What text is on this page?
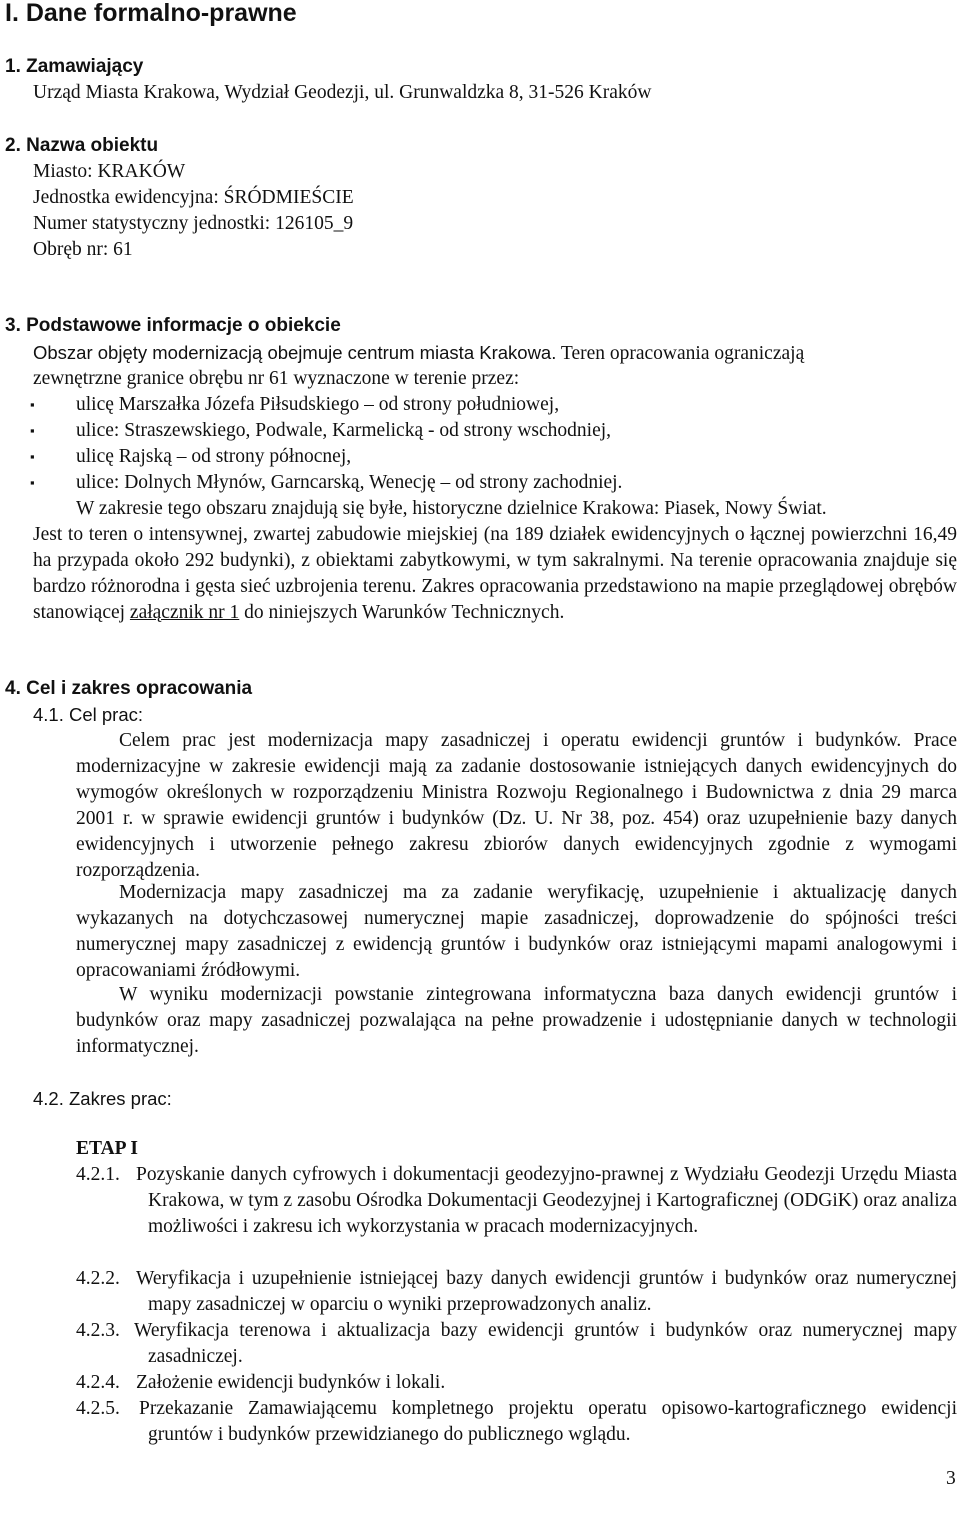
I. Dane formalno-prawne
1. Zamawiający
Urząd Miasta Krakowa, Wydział Geodezji, ul. Grunwaldzka 8, 31-526 Kraków
2. Nazwa obiektu
Miasto: KRAKÓW
Jednostka ewidencyjna: ŚRÓDMIEŚCIE
Numer statystyczny jednostki: 126105_9
Obręb nr: 61
3. Podstawowe informacje o obiekcie
Obszar objęty modernizacją obejmuje centrum miasta Krakowa. Teren opracowania ograniczają
zewnętrzne granice obrębu nr 61 wyznaczone w terenie przez:
▪ ulicę Marszałka Józefa Piłsudskiego – od strony południowej,
▪ ulice: Straszewskiego, Podwale, Karmelicką - od strony wschodniej,
▪ ulicę Rajską – od strony północnej,
▪ ulice: Dolnych Młynów, Garncarską, Wenecję – od strony zachodniej.
W zakresie tego obszaru znajdują się byłe, historyczne dzielnice Krakowa: Piasek, Nowy Świat.

Jest to teren o intensywnej, zwartej zabudowie miejskiej (na 189 działek ewidencyjnych o łącznej powierzchni 16,49 ha przypada około 292 budynki), z obiektami zabytkowymi, w tym sakralnymi. Na terenie opracowania znajduje się bardzo różnorodna i gęsta sieć uzbrojenia terenu. Zakres opracowania przedstawiono na mapie przeglądowej obrębów stanowiącej załącznik nr 1 do niniejszych Warunków Technicznych.

4. Cel i zakres opracowania
4.1. Cel prac:

Celem prac jest modernizacja mapy zasadniczej i operatu ewidencji gruntów i budynków. Prace modernizacyjne w zakresie ewidencji mają za zadanie dostosowanie istniejących danych ewidencyjnych do wymogów określonych w rozporządzeniu Ministra Rozwoju Regionalnego i Budownictwa z dnia 29 marca 2001 r. w sprawie ewidencji gruntów i budynków (Dz. U. Nr 38, poz. 454) oraz uzupełnienie bazy danych ewidencyjnych i utworzenie pełnego zakresu zbiorów danych ewidencyjnych zgodnie z wymogami rozporządzenia.

Modernizacja mapy zasadniczej ma za zadanie weryfikację, uzupełnienie i aktualizację danych wykazanych na dotychczasowej numerycznej mapie zasadniczej, doprowadzenie do spójności treści numerycznej mapy zasadniczej z ewidencją gruntów i budynków oraz istniejącymi mapami analogowymi i opracowaniami źródłowymi.

W wyniku modernizacji powstanie zintegrowana informatyczna baza danych ewidencji gruntów i budynków oraz mapy zasadniczej pozwalająca na pełne prowadzenie i udostępnianie danych w technologii informatycznej.

4.2. Zakres prac:
ETAP I
4.2.1. Pozyskanie danych cyfrowych i dokumentacji geodezyjno-prawnej z Wydziału Geodezji Urzędu Miasta Krakowa, w tym z zasobu Ośrodka Dokumentacji Geodezyjnej i Kartograficznej (ODGiK) oraz analiza możliwości i zakresu ich wykorzystania w pracach modernizacyjnych.

4.2.2. Weryfikacja i uzupełnienie istniejącej bazy danych ewidencji gruntów i budynków oraz numerycznej mapy zasadniczej w oparciu o wyniki przeprowadzonych analiz.

4.2.3. Weryfikacja terenowa i aktualizacja bazy ewidencji gruntów i budynków oraz numerycznej mapy zasadniczej.

4.2.4. Założenie ewidencji budynków i lokali.
4.2.5. Przekazanie Zamawiającemu kompletnego projektu operatu opisowo-kartograficznego ewidencji gruntów i budynków przewidzianego do publicznego wglądu.

3
